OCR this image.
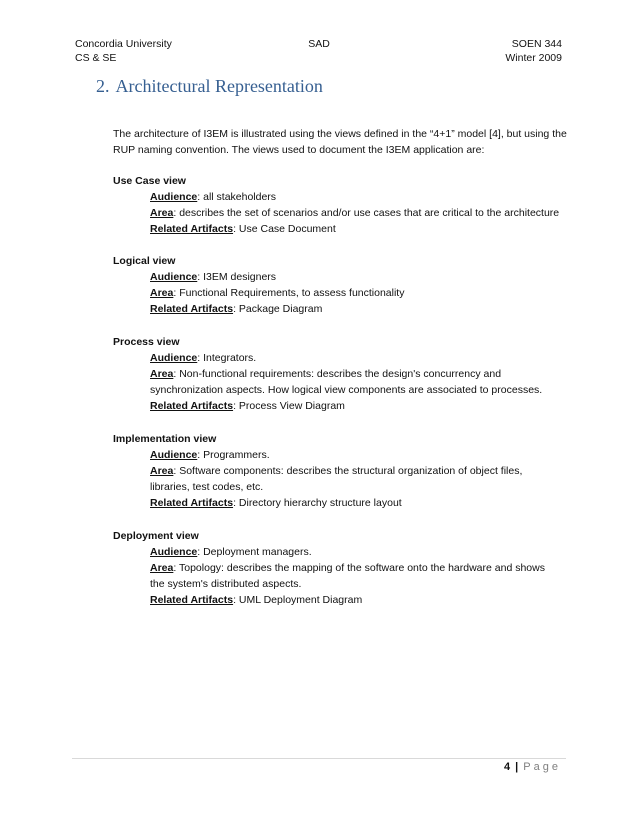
Concordia University
CS & SE
SAD	SOEN 344
Winter 2009
2. Architectural Representation
The architecture of I3EM is illustrated using the views defined in the “4+1” model [4], but using the RUP naming convention. The views used to document the I3EM application are:
Use Case view
Audience: all stakeholders
Area: describes the set of scenarios and/or use cases that are critical to the architecture
Related Artifacts: Use Case Document
Logical view
Audience: I3EM designers
Area: Functional Requirements, to assess functionality
Related Artifacts: Package Diagram
Process view
Audience: Integrators.
Area: Non-functional requirements: describes the design's concurrency and synchronization aspects. How logical view components are associated to processes.
Related Artifacts: Process View Diagram
Implementation view
Audience: Programmers.
Area: Software components: describes the structural organization of object files, libraries, test codes, etc.
Related Artifacts: Directory hierarchy structure layout
Deployment view
Audience: Deployment managers.
Area: Topology: describes the mapping of the software onto the hardware and shows the system's distributed aspects.
Related Artifacts: UML Deployment Diagram
4 | Page
